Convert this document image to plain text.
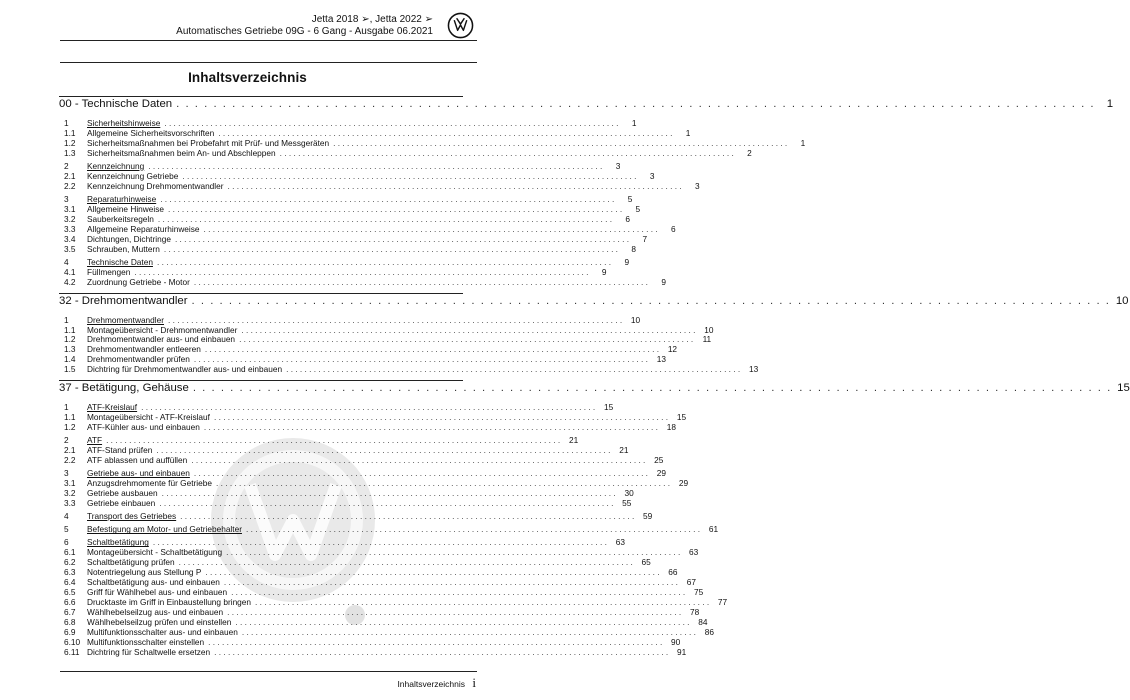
Jetta 2018 ➢, Jetta 2022 ➢
Automatisches Getriebe 09G - 6 Gang - Ausgabe 06.2021
Inhaltsverzeichnis
00 - Technische Daten . . . . . . . . . . . . . . . . . . . . . . . . . . . . . . . . . . . . . . . . . . . . . . . . . . . . . . . . . . . . . . . . . . . . . . . . . . . . . . . . . . . . . . . . . . . . . . . . . . .	1
1	Sicherheitshinweise . . . . . . . . . . . . . . . . . . . . . . . . . . . . . . . . . . . . . . . . . . . . . . . . . . . . . . . . . . . . . . . . . . . . . . . . . . . . . . . . . . . . . . . . . . . . . . . . . . .	1
1.1	Allgemeine Sicherheitsvorschriften . . . . . . . . . . . . . . . . . . . . . . . . . . . . . . . . . . . . . . . . . . . . . . . . . . . . . . . . . . . . . . . . . . . . . . . . . . . . . . . . . . . . . . . . . . . . . . . . . . .	1
1.2	Sicherheitsmaßnahmen bei Probefahrt mit Prüf- und Messgeräten . . . . . . . . . . . . . . . . . . . . . . . . . . . . . . . . . . . . . . . . . . . . . . . . . . . . . . . . . . . . . . . . . . . . . . . . . . . . . . . . . . . . . . . . . . . . . . . . . . .	1
1.3	Sicherheitsmaßnahmen beim An- und Abschleppen . . . . . . . . . . . . . . . . . . . . . . . . . . . . . . . . . . . . . . . . . . . . . . . . . . . . . . . . . . . . . . . . . . . . . . . . . . . . . . . . . . . . . . . . . . . . . . . . . . .	2
2	Kennzeichnung . . . . . . . . . . . . . . . . . . . . . . . . . . . . . . . . . . . . . . . . . . . . . . . . . . . . . . . . . . . . . . . . . . . . . . . . . . . . . . . . . . . . . . . . . . . . . . . . . . .	3
2.1	Kennzeichnung Getriebe . . . . . . . . . . . . . . . . . . . . . . . . . . . . . . . . . . . . . . . . . . . . . . . . . . . . . . . . . . . . . . . . . . . . . . . . . . . . . . . . . . . . . . . . . . . . . . . . . . .	3
2.2	Kennzeichnung Drehmomentwandler . . . . . . . . . . . . . . . . . . . . . . . . . . . . . . . . . . . . . . . . . . . . . . . . . . . . . . . . . . . . . . . . . . . . . . . . . . . . . . . . . . . . . . . . . . . . . . . . . . .	3
3	Reparaturhinweise . . . . . . . . . . . . . . . . . . . . . . . . . . . . . . . . . . . . . . . . . . . . . . . . . . . . . . . . . . . . . . . . . . . . . . . . . . . . . . . . . . . . . . . . . . . . . . . . . . .	5
3.1	Allgemeine Hinweise . . . . . . . . . . . . . . . . . . . . . . . . . . . . . . . . . . . . . . . . . . . . . . . . . . . . . . . . . . . . . . . . . . . . . . . . . . . . . . . . . . . . . . . . . . . . . . . . . . .	5
3.2	Sauberkeitsregeln . . . . . . . . . . . . . . . . . . . . . . . . . . . . . . . . . . . . . . . . . . . . . . . . . . . . . . . . . . . . . . . . . . . . . . . . . . . . . . . . . . . . . . . . . . . . . . . . . . .	6
3.3	Allgemeine Reparaturhinweise . . . . . . . . . . . . . . . . . . . . . . . . . . . . . . . . . . . . . . . . . . . . . . . . . . . . . . . . . . . . . . . . . . . . . . . . . . . . . . . . . . . . . . . . . . . . . . . . . . .	6
3.4	Dichtungen, Dichtringe . . . . . . . . . . . . . . . . . . . . . . . . . . . . . . . . . . . . . . . . . . . . . . . . . . . . . . . . . . . . . . . . . . . . . . . . . . . . . . . . . . . . . . . . . . . . . . . . . . .	7
3.5	Schrauben, Muttern . . . . . . . . . . . . . . . . . . . . . . . . . . . . . . . . . . . . . . . . . . . . . . . . . . . . . . . . . . . . . . . . . . . . . . . . . . . . . . . . . . . . . . . . . . . . . . . . . . .	8
4	Technische Daten . . . . . . . . . . . . . . . . . . . . . . . . . . . . . . . . . . . . . . . . . . . . . . . . . . . . . . . . . . . . . . . . . . . . . . . . . . . . . . . . . . . . . . . . . . . . . . . . . . .	9
4.1	Füllmengen . . . . . . . . . . . . . . . . . . . . . . . . . . . . . . . . . . . . . . . . . . . . . . . . . . . . . . . . . . . . . . . . . . . . . . . . . . . . . . . . . . . . . . . . . . . . . . . . . . .	9
4.2	Zuordnung Getriebe - Motor . . . . . . . . . . . . . . . . . . . . . . . . . . . . . . . . . . . . . . . . . . . . . . . . . . . . . . . . . . . . . . . . . . . . . . . . . . . . . . . . . . . . . . . . . . . . . . . . . . .	9
32 - Drehmomentwandler . . . . . . . . . . . . . . . . . . . . . . . . . . . . . . . . . . . . . . . . . . . . . . . . . . . . . . . . . . . . . . . . . . . . . . . . . . . . . . . . . . . . . . . . . . . . . . . . . . . 10
1	Drehmomentwandler . . . . . . . . . . . . . . . . . . . . . . . . . . . . . . . . . . . . . . . . . . . . . . . . . . . . . . . . . . . . . . . . . . . . . . . . . . . . . . . . . . . . . . . . . . . . . . . . . . .	10
1.1	Montageübersicht - Drehmomentwandler . . . . . . . . . . . . . . . . . . . . . . . . . . . . . . . . . . . . . . . . . . . . . . . . . . . . . . . . . . . . . . . . . . . . . . . . . . . . . . . . . . . . . . . . . . . . . . . . . . .	10
1.2	Drehmomentwandler aus- und einbauen . . . . . . . . . . . . . . . . . . . . . . . . . . . . . . . . . . . . . . . . . . . . . . . . . . . . . . . . . . . . . . . . . . . . . . . . . . . . . . . . . . . . . . . . . . . . . . . . . . .	11
1.3	Drehmomentwandler entleeren . . . . . . . . . . . . . . . . . . . . . . . . . . . . . . . . . . . . . . . . . . . . . . . . . . . . . . . . . . . . . . . . . . . . . . . . . . . . . . . . . . . . . . . . . . . . . . . . . . .	12
1.4	Drehmomentwandler prüfen . . . . . . . . . . . . . . . . . . . . . . . . . . . . . . . . . . . . . . . . . . . . . . . . . . . . . . . . . . . . . . . . . . . . . . . . . . . . . . . . . . . . . . . . . . . . . . . . . . .	13
1.5	Dichtring für Drehmomentwandler aus- und einbauen . . . . . . . . . . . . . . . . . . . . . . . . . . . . . . . . . . . . . . . . . . . . . . . . . . . . . . . . . . . . . . . . . . . . . . . . . . . . . . . . . . . . . . . . . . . . . . . . . . .	13
37 - Betätigung, Gehäuse . . . . . . . . . . . . . . . . . . . . . . . . . . . . . . . . . . . . . . . . . . . . . . . . . . . . . . . . . . . . . . . . . . . . . . . . . . . . . . . . . . . . . . . . . . . . . . . . . . . 15
1	ATF-Kreislauf . . . . . . . . . . . . . . . . . . . . . . . . . . . . . . . . . . . . . . . . . . . . . . . . . . . . . . . . . . . . . . . . . . . . . . . . . . . . . . . . . . . . . . . . . . . . . . . . . . .	15
1.1	Montageübersicht - ATF-Kreislauf . . . . . . . . . . . . . . . . . . . . . . . . . . . . . . . . . . . . . . . . . . . . . . . . . . . . . . . . . . . . . . . . . . . . . . . . . . . . . . . . . . . . . . . . . . . . . . . . . . .	15
1.2	ATF-Kühler aus- und einbauen . . . . . . . . . . . . . . . . . . . . . . . . . . . . . . . . . . . . . . . . . . . . . . . . . . . . . . . . . . . . . . . . . . . . . . . . . . . . . . . . . . . . . . . . . . . . . . . . . . .	18
2	ATF . . . . . . . . . . . . . . . . . . . . . . . . . . . . . . . . . . . . . . . . . . . . . . . . . . . . . . . . . . . . . . . . . . . . . . . . . . . . . . . . . . . . . . . . . . . . . . . . . . .	21
2.1	ATF-Stand prüfen . . . . . . . . . . . . . . . . . . . . . . . . . . . . . . . . . . . . . . . . . . . . . . . . . . . . . . . . . . . . . . . . . . . . . . . . . . . . . . . . . . . . . . . . . . . . . . . . . . .	21
2.2	ATF ablassen und auffüllen . . . . . . . . . . . . . . . . . . . . . . . . . . . . . . . . . . . . . . . . . . . . . . . . . . . . . . . . . . . . . . . . . . . . . . . . . . . . . . . . . . . . . . . . . . . . . . . . . . .	25
3	Getriebe aus- und einbauen . . . . . . . . . . . . . . . . . . . . . . . . . . . . . . . . . . . . . . . . . . . . . . . . . . . . . . . . . . . . . . . . . . . . . . . . . . . . . . . . . . . . . . . . . . . . . . . . . . .	29
3.1	Anzugsdrehmomente für Getriebe . . . . . . . . . . . . . . . . . . . . . . . . . . . . . . . . . . . . . . . . . . . . . . . . . . . . . . . . . . . . . . . . . . . . . . . . . . . . . . . . . . . . . . . . . . . . . . . . . . .	29
3.2	Getriebe ausbauen . . . . . . . . . . . . . . . . . . . . . . . . . . . . . . . . . . . . . . . . . . . . . . . . . . . . . . . . . . . . . . . . . . . . . . . . . . . . . . . . . . . . . . . . . . . . . . . . . . .	30
3.3	Getriebe einbauen . . . . . . . . . . . . . . . . . . . . . . . . . . . . . . . . . . . . . . . . . . . . . . . . . . . . . . . . . . . . . . . . . . . . . . . . . . . . . . . . . . . . . . . . . . . . . . . . . . .	55
4	Transport des Getriebes . . . . . . . . . . . . . . . . . . . . . . . . . . . . . . . . . . . . . . . . . . . . . . . . . . . . . . . . . . . . . . . . . . . . . . . . . . . . . . . . . . . . . . . . . . . . . . . . . . .	59
5	Befestigung am Motor- und Getriebehalter . . . . . . . . . . . . . . . . . . . . . . . . . . . . . . . . . . . . . . . . . . . . . . . . . . . . . . . . . . . . . . . . . . . . . . . . . . . . . . . . . . . . . . . . . . . . . . . . . . .	61
6	Schaltbetätigung . . . . . . . . . . . . . . . . . . . . . . . . . . . . . . . . . . . . . . . . . . . . . . . . . . . . . . . . . . . . . . . . . . . . . . . . . . . . . . . . . . . . . . . . . . . . . . . . . . .	63
6.1	Montageübersicht - Schaltbetätigung . . . . . . . . . . . . . . . . . . . . . . . . . . . . . . . . . . . . . . . . . . . . . . . . . . . . . . . . . . . . . . . . . . . . . . . . . . . . . . . . . . . . . . . . . . . . . . . . . . .	63
6.2	Schaltbetätigung prüfen . . . . . . . . . . . . . . . . . . . . . . . . . . . . . . . . . . . . . . . . . . . . . . . . . . . . . . . . . . . . . . . . . . . . . . . . . . . . . . . . . . . . . . . . . . . . . . . . . . .	65
6.3	Notentriegelung aus Stellung P . . . . . . . . . . . . . . . . . . . . . . . . . . . . . . . . . . . . . . . . . . . . . . . . . . . . . . . . . . . . . . . . . . . . . . . . . . . . . . . . . . . . . . . . . . . . . . . . . . .	66
6.4	Schaltbetätigung aus- und einbauen . . . . . . . . . . . . . . . . . . . . . . . . . . . . . . . . . . . . . . . . . . . . . . . . . . . . . . . . . . . . . . . . . . . . . . . . . . . . . . . . . . . . . . . . . . . . . . . . . . .	67
6.5	Griff für Wählhebel aus- und einbauen . . . . . . . . . . . . . . . . . . . . . . . . . . . . . . . . . . . . . . . . . . . . . . . . . . . . . . . . . . . . . . . . . . . . . . . . . . . . . . . . . . . . . . . . . . . . . . . . . . .	75
6.6	Drucktaste im Griff in Einbaustellung bringen . . . . . . . . . . . . . . . . . . . . . . . . . . . . . . . . . . . . . . . . . . . . . . . . . . . . . . . . . . . . . . . . . . . . . . . . . . . . . . . . . . . . . . . . . . . . . . . . . . .	77
6.7	Wählhebelseilzug aus- und einbauen . . . . . . . . . . . . . . . . . . . . . . . . . . . . . . . . . . . . . . . . . . . . . . . . . . . . . . . . . . . . . . . . . . . . . . . . . . . . . . . . . . . . . . . . . . . . . . . . . . .	78
6.8	Wählhebelseilzug prüfen und einstellen . . . . . . . . . . . . . . . . . . . . . . . . . . . . . . . . . . . . . . . . . . . . . . . . . . . . . . . . . . . . . . . . . . . . . . . . . . . . . . . . . . . . . . . . . . . . . . . . . . .	84
6.9	Multifunktionsschalter aus- und einbauen . . . . . . . . . . . . . . . . . . . . . . . . . . . . . . . . . . . . . . . . . . . . . . . . . . . . . . . . . . . . . . . . . . . . . . . . . . . . . . . . . . . . . . . . . . . . . . . . . . .	86
6.10 Multifunktionsschalter einstellen . . . . . . . . . . . . . . . . . . . . . . . . . . . . . . . . . . . . . . . . . . . . . . . . . . . . . . . . . . . . . . . . . . . . . . . . . . . . . . . . . . . . . . . . . . . . . . . . . . .	90
6.11 Dichtring für Schaltwelle ersetzen . . . . . . . . . . . . . . . . . . . . . . . . . . . . . . . . . . . . . . . . . . . . . . . . . . . . . . . . . . . . . . . . . . . . . . . . . . . . . . . . . . . . . . . . . . . . . . . . . . .	91
Inhaltsverzeichnis i
